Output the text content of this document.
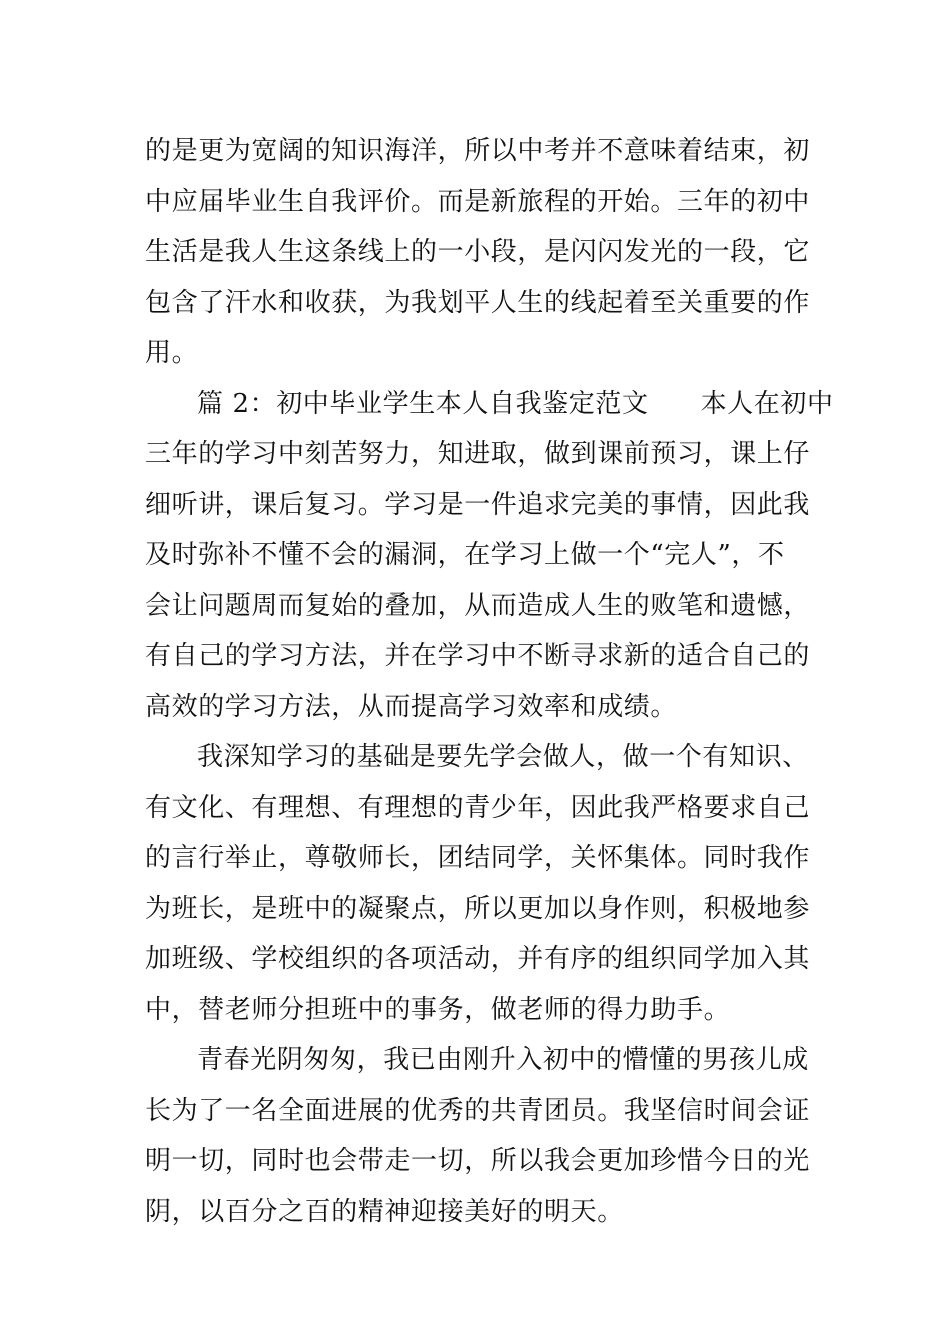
的是更为宽阔的知识海洋，所以中考并不意味着结束，初
中应届毕业生自我评价。而是新旅程的开始。三年的初中
生活是我人生这条线上的一小段，是闪闪发光的一段，它
包含了汗水和收获，为我划平人生的线起着至关重要的作
用。
篇 2：初中毕业学生本人自我鉴定范文 本人在初中
三年的学习中刻苦努力，知进取，做到课前预习，课上仔
细听讲，课后复习。学习是一件追求完美的事情，因此我
及时弥补不懂不会的漏洞，在学习上做一个“完人”，不
会让问题周而复始的叠加，从而造成人生的败笔和遗憾，
有自己的学习方法，并在学习中不断寻求新的适合自己的
高效的学习方法，从而提高学习效率和成绩。
我深知学习的基础是要先学会做人，做一个有知识、
有文化、有理想、有理想的青少年，因此我严格要求自己
的言行举止，尊敬师长，团结同学，关怀集体。同时我作
为班长，是班中的凝聚点，所以更加以身作则，积极地参
加班级、学校组织的各项活动，并有序的组织同学加入其
中，替老师分担班中的事务，做老师的得力助手。
青春光阴匆匆，我已由刚升入初中的懵懂的男孩儿成
长为了一名全面进展的优秀的共青团员。我坚信时间会证
明一切，同时也会带走一切，所以我会更加珍惜今日的光
阴，以百分之百的精神迎接美好的明天。
